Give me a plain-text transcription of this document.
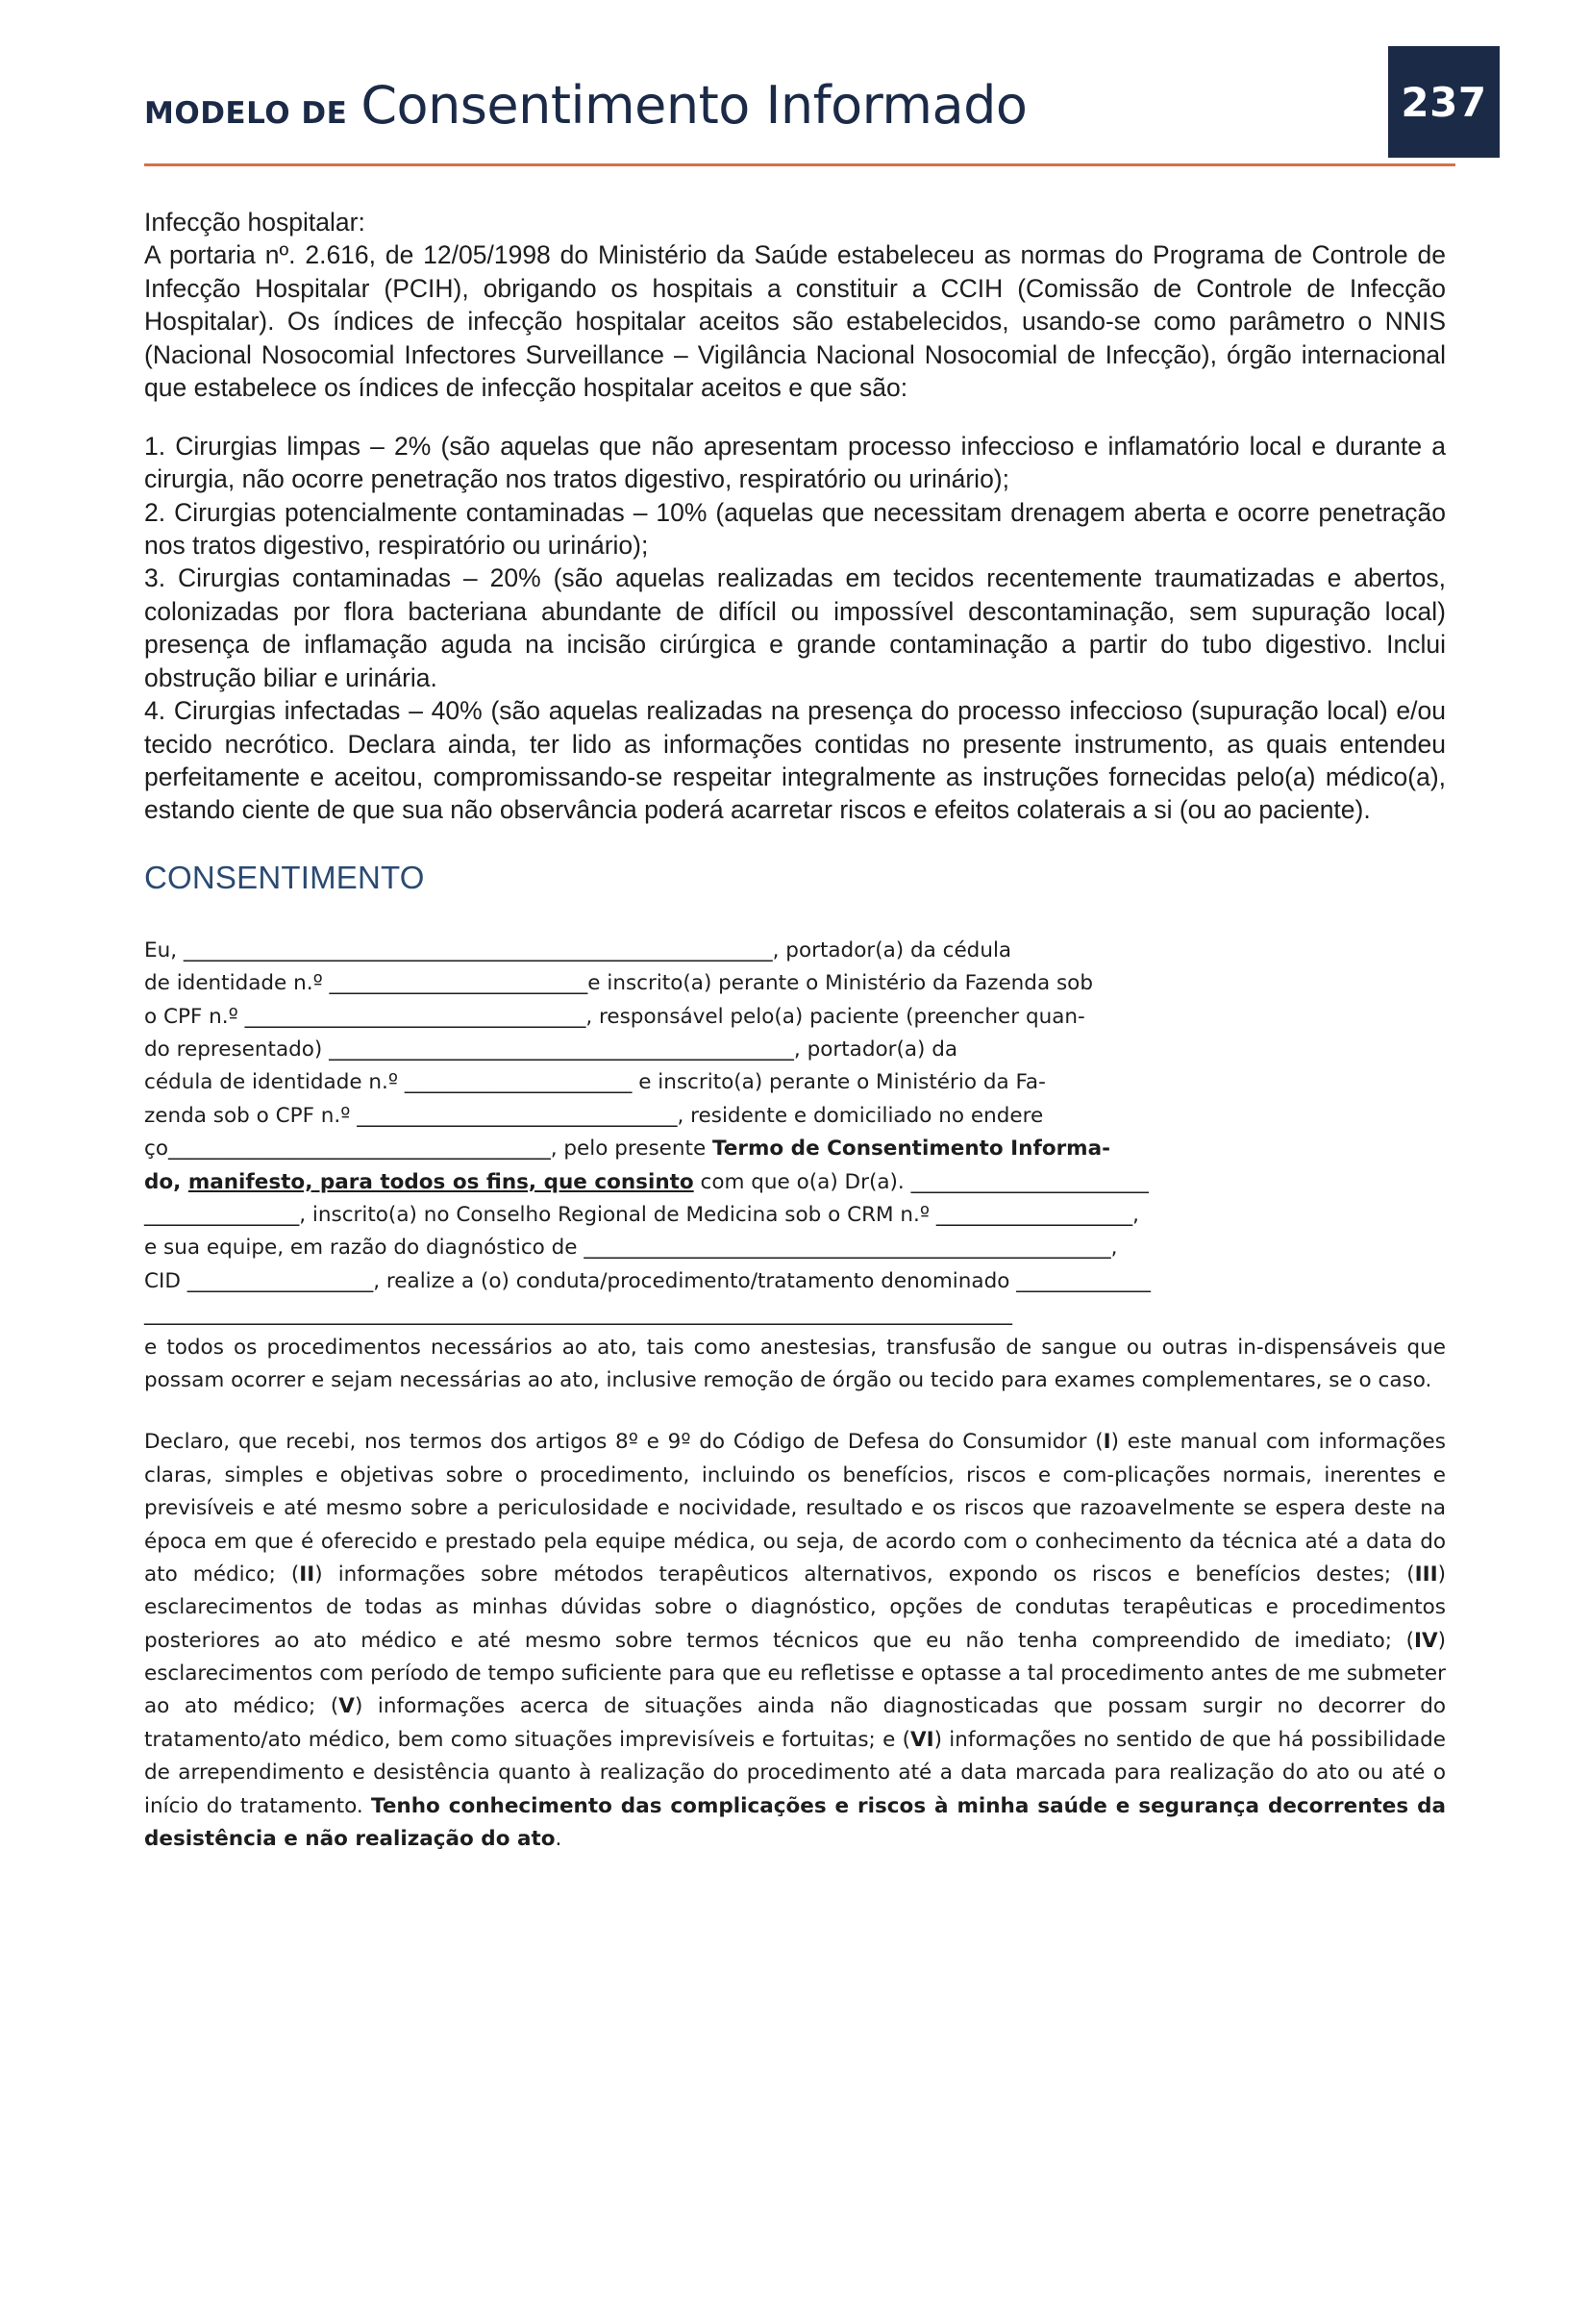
MODELO DE Consentimento Informado	237

Infecção hospitalar:

A portaria nº. 2.616, de 12/05/1998 do Ministério da Saúde estabeleceu as normas do Programa de Controle de Infecção Hospitalar (PCIH), obrigando os hospitais a constituir a CCIH (Comissão de Controle de Infecção Hospitalar). Os índices de infecção hospitalar aceitos são estabelecidos, usando-se como parâmetro o NNIS (Nacional Nosocomial Infectores Surveillance – Vigilância Nacional Nosocomial de Infecção), órgão internacional que estabelece os índices de infecção hospitalar aceitos e que são:

1. Cirurgias limpas – 2% (são aquelas que não apresentam processo infeccioso e inflamatório local e durante a cirurgia, não ocorre penetração nos tratos digestivo, respiratório ou urinário);

2. Cirurgias potencialmente contaminadas – 10% (aquelas que necessitam drenagem aberta e ocorre penetração nos tratos digestivo, respiratório ou urinário);

3. Cirurgias contaminadas – 20% (são aquelas realizadas em tecidos recentemente traumatizadas e abertos, colonizadas por flora bacteriana abundante de difícil ou impossível descontaminação, sem supuração local) presença de inflamação aguda na incisão cirúrgica e grande contaminação a partir do tubo digestivo. Inclui obstrução biliar e urinária.

4. Cirurgias infectadas – 40% (são aquelas realizadas na presença do processo infeccioso (supuração local) e/ou tecido necrótico. Declara ainda, ter lido as informações contidas no presente instrumento, as quais entendeu perfeitamente e aceitou, compromissando-se respeitar integralmente as instruções fornecidas pelo(a) médico(a), estando ciente de que sua não observância poderá acarretar riscos e efeitos colaterais a si (ou ao paciente).

CONSENTIMENTO

Eu, _________________________________________________________, portador(a) da cédula

de identidade n.º _________________________e inscrito(a) perante o Ministério da Fazenda sob

o CPF n.º _________________________________, responsável pelo(a) paciente (preencher quan-

do representado) _____________________________________________, portador(a) da

cédula de identidade n.º ______________________ e inscrito(a) perante o Ministério da Fa-

zenda sob o CPF n.º _______________________________, residente e domiciliado no endere

ço_____________________________________, pelo presente Termo de Consentimento Informa-

do, manifesto, para todos os fins, que consinto com que o(a) Dr(a). _______________________

_______________, inscrito(a) no Conselho Regional de Medicina sob o CRM n.º ___________________,

e sua equipe, em razão do diagnóstico de ___________________________________________________,

CID __________________, realize a (o) conduta/procedimento/tratamento denominado _____________

____________________________________________________________________________________

e todos os procedimentos necessários ao ato, tais como anestesias, transfusão de sangue ou outras in-dispensáveis que possam ocorrer e sejam necessárias ao ato, inclusive remoção de órgão ou tecido para exames complementares, se o caso.

Declaro, que recebi, nos termos dos artigos 8º e 9º do Código de Defesa do Consumidor (I) este manual com informações claras, simples e objetivas sobre o procedimento, incluindo os benefícios, riscos e com-plicações normais, inerentes e previsíveis e até mesmo sobre a periculosidade e nocividade, resultado e os riscos que razoavelmente se espera deste na época em que é oferecido e prestado pela equipe médica, ou seja, de acordo com o conhecimento da técnica até a data do ato médico; (II) informações sobre métodos terapêuticos alternativos, expondo os riscos e benefícios destes; (III) esclarecimentos de todas as minhas dúvidas sobre o diagnóstico, opções de condutas terapêuticas e procedimentos posteriores ao ato médico e até mesmo sobre termos técnicos que eu não tenha compreendido de imediato; (IV) esclarecimentos com período de tempo suficiente para que eu refletisse e optasse a tal procedimento antes de me submeter ao ato médico; (V) informações acerca de situações ainda não diagnosticadas que possam surgir no decorrer do tratamento/ato médico, bem como situações imprevisíveis e fortuitas; e (VI) informações no sentido de que há possibilidade de arrependimento e desistência quanto à realização do procedimento até a data marcada para realização do ato ou até o início do tratamento. Tenho conhecimento das complicações e riscos à minha saúde e segurança decorrentes da desistência e não realização do ato.
